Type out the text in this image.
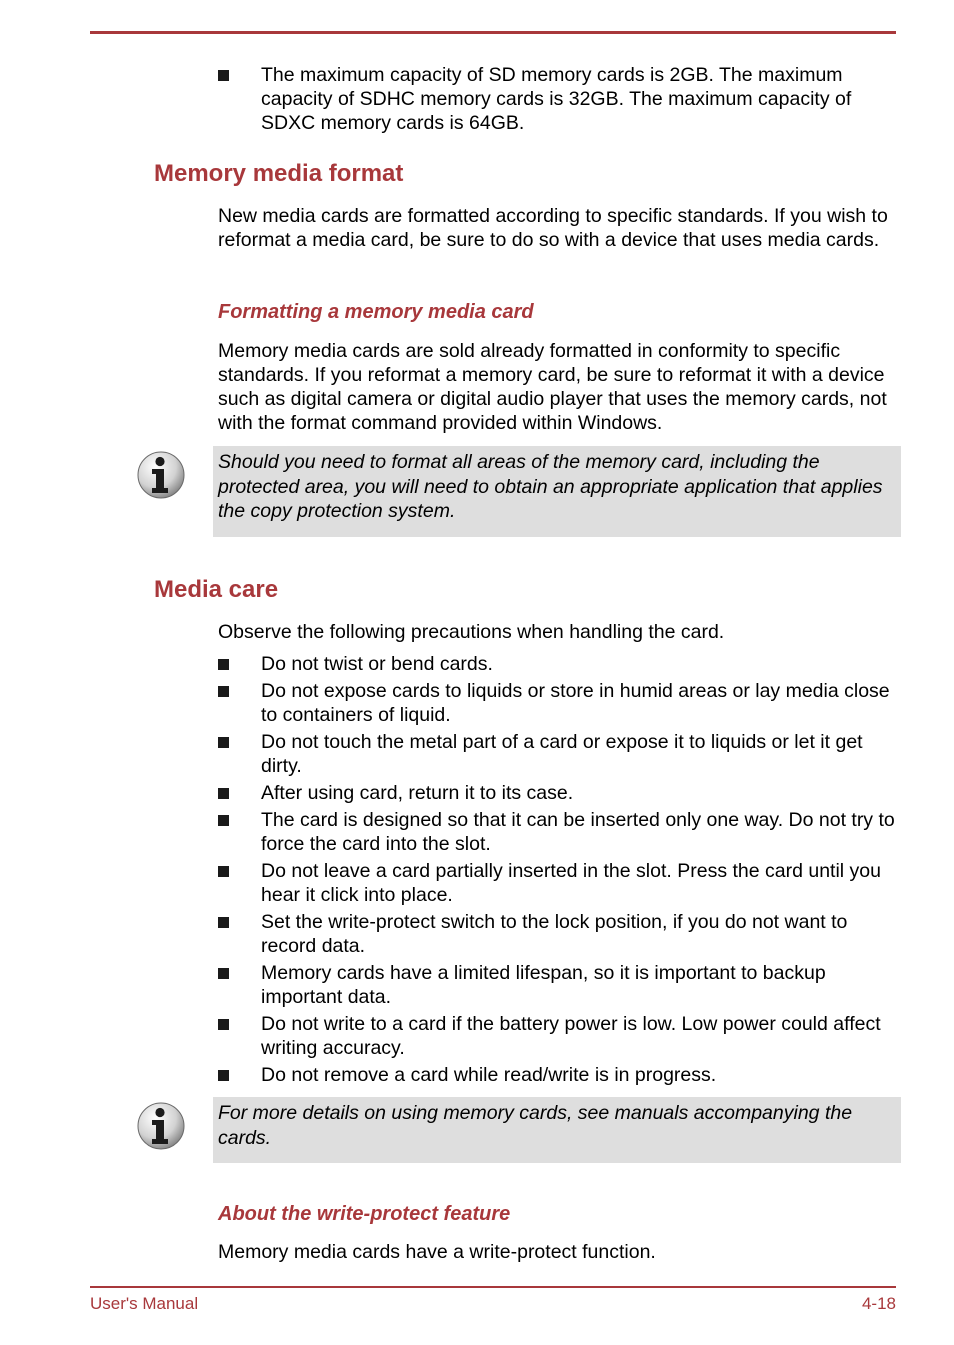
The maximum capacity of SD memory cards is 2GB. The maximum capacity of SDHC memory cards is 32GB. The maximum capacity of SDXC memory cards is 64GB.
Memory media format

New media cards are formatted according to specific standards. If you wish to reformat a media card, be sure to do so with a device that uses media cards.

Formatting a memory media card

Memory media cards are sold already formatted in conformity to specific standards. If you reformat a memory card, be sure to reformat it with a device such as digital camera or digital audio player that uses the memory cards, not with the format command provided within Windows.

Should you need to format all areas of the memory card, including the protected area, you will need to obtain an appropriate application that applies the copy protection system.

Media care

Observe the following precautions when handling the card.

Do not twist or bend cards.
Do not expose cards to liquids or store in humid areas or lay media close to containers of liquid.
Do not touch the metal part of a card or expose it to liquids or let it get dirty.
After using card, return it to its case.
The card is designed so that it can be inserted only one way. Do not try to force the card into the slot.
Do not leave a card partially inserted in the slot. Press the card until you hear it click into place.
Set the write-protect switch to the lock position, if you do not want to record data.
Memory cards have a limited lifespan, so it is important to backup important data.
Do not write to a card if the battery power is low. Low power could affect writing accuracy.
Do not remove a card while read/write is in progress.

For more details on using memory cards, see manuals accompanying the cards.

About the write-protect feature

Memory media cards have a write-protect function.

User's Manual	4-18
